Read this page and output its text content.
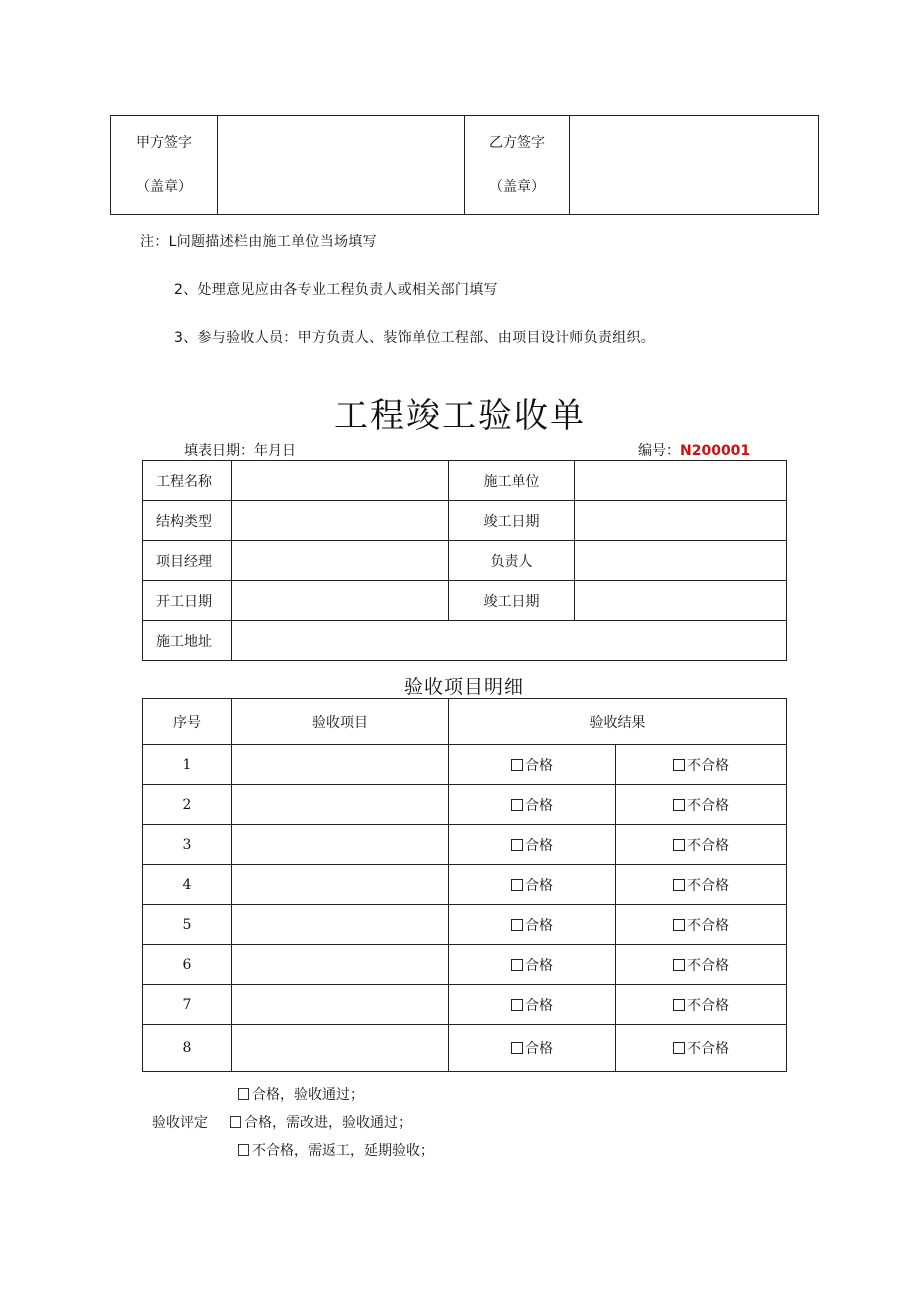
甲方签字
（盖章）

乙方签字
（盖章）

注：L问题描述栏由施工单位当场填写
2、处理意见应由各专业工程负责人或相关部门填写
3、参与验收人员：甲方负责人、装饰单位工程部、由项目设计师负责组织。
工程竣工验收单
填表日期：年月日	编号：N200001
工程名称		施工单位	
结构类型		竣工日期	
项目经理		负责人	
开工日期		竣工日期	
施工地址			
验收项目明细
序号	验收项目	验收结果	
1		合格	不合格
2		合格	不合格
3		合格	不合格
4		合格	不合格
5		合格	不合格
6		合格	不合格
7		合格	不合格
8		合格	不合格
验收评定
合格，验收通过；
合格，需改进，验收通过；
不合格，需返工，延期验收；
